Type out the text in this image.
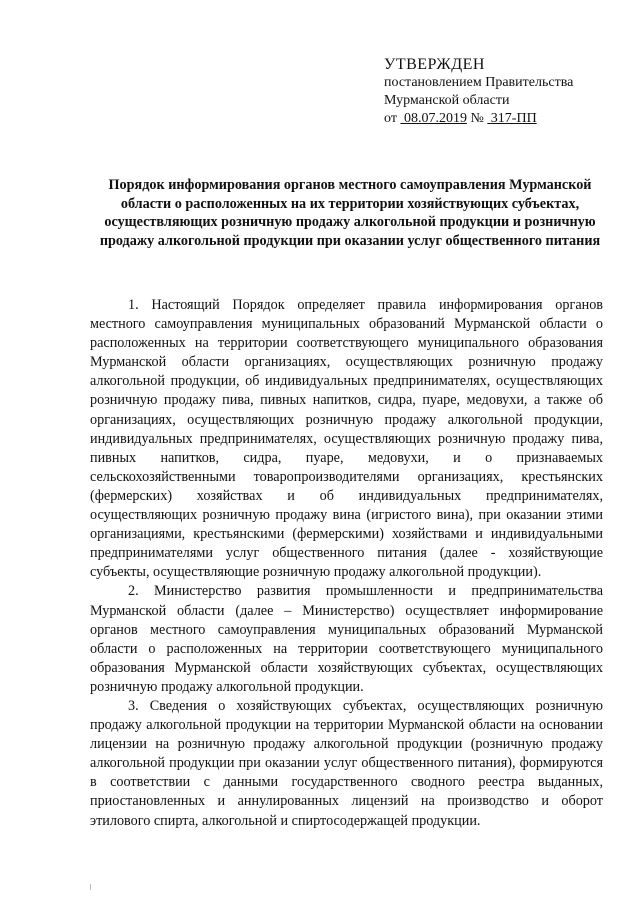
УТВЕРЖДЕН
постановлением Правительства
Мурманской области
от 08.07.2019 № 317-ПП
Порядок информирования органов местного самоуправления Мурманской области о расположенных на их территории хозяйствующих субъектах, осуществляющих розничную продажу алкогольной продукции и розничную продажу алкогольной продукции при оказании услуг общественного питания

1. Настоящий Порядок определяет правила информирования органов местного самоуправления муниципальных образований Мурманской области о расположенных на территории соответствующего муниципального образования Мурманской области организациях, осуществляющих розничную продажу алкогольной продукции, об индивидуальных предпринимателях, осуществляющих розничную продажу пива, пивных напитков, сидра, пуаре, медовухи, а также об организациях, осуществляющих розничную продажу алкогольной продукции, индивидуальных предпринимателях, осуществляющих розничную продажу пива, пивных напитков, сидра, пуаре, медовухи, и о признаваемых сельскохозяйственными товаропроизводителями организациях, крестьянских (фермерских) хозяйствах и об индивидуальных предпринимателях, осуществляющих розничную продажу вина (игристого вина), при оказании этими организациями, крестьянскими (фермерскими) хозяйствами и индивидуальными предпринимателями услуг общественного питания (далее - хозяйствующие субъекты, осуществляющие розничную продажу алкогольной продукции).

2. Министерство развития промышленности и предпринимательства Мурманской области (далее – Министерство) осуществляет информирование органов местного самоуправления муниципальных образований Мурманской области о расположенных на территории соответствующего муниципального образования Мурманской области хозяйствующих субъектах, осуществляющих розничную продажу алкогольной продукции.

3. Сведения о хозяйствующих субъектах, осуществляющих розничную продажу алкогольной продукции на территории Мурманской области на основании лицензии на розничную продажу алкогольной продукции (розничную продажу алкогольной продукции при оказании услуг общественного питания), формируются в соответствии с данными государственного сводного реестра выданных, приостановленных и аннулированных лицензий на производство и оборот этилового спирта, алкогольной и спиртосодержащей продукции.
